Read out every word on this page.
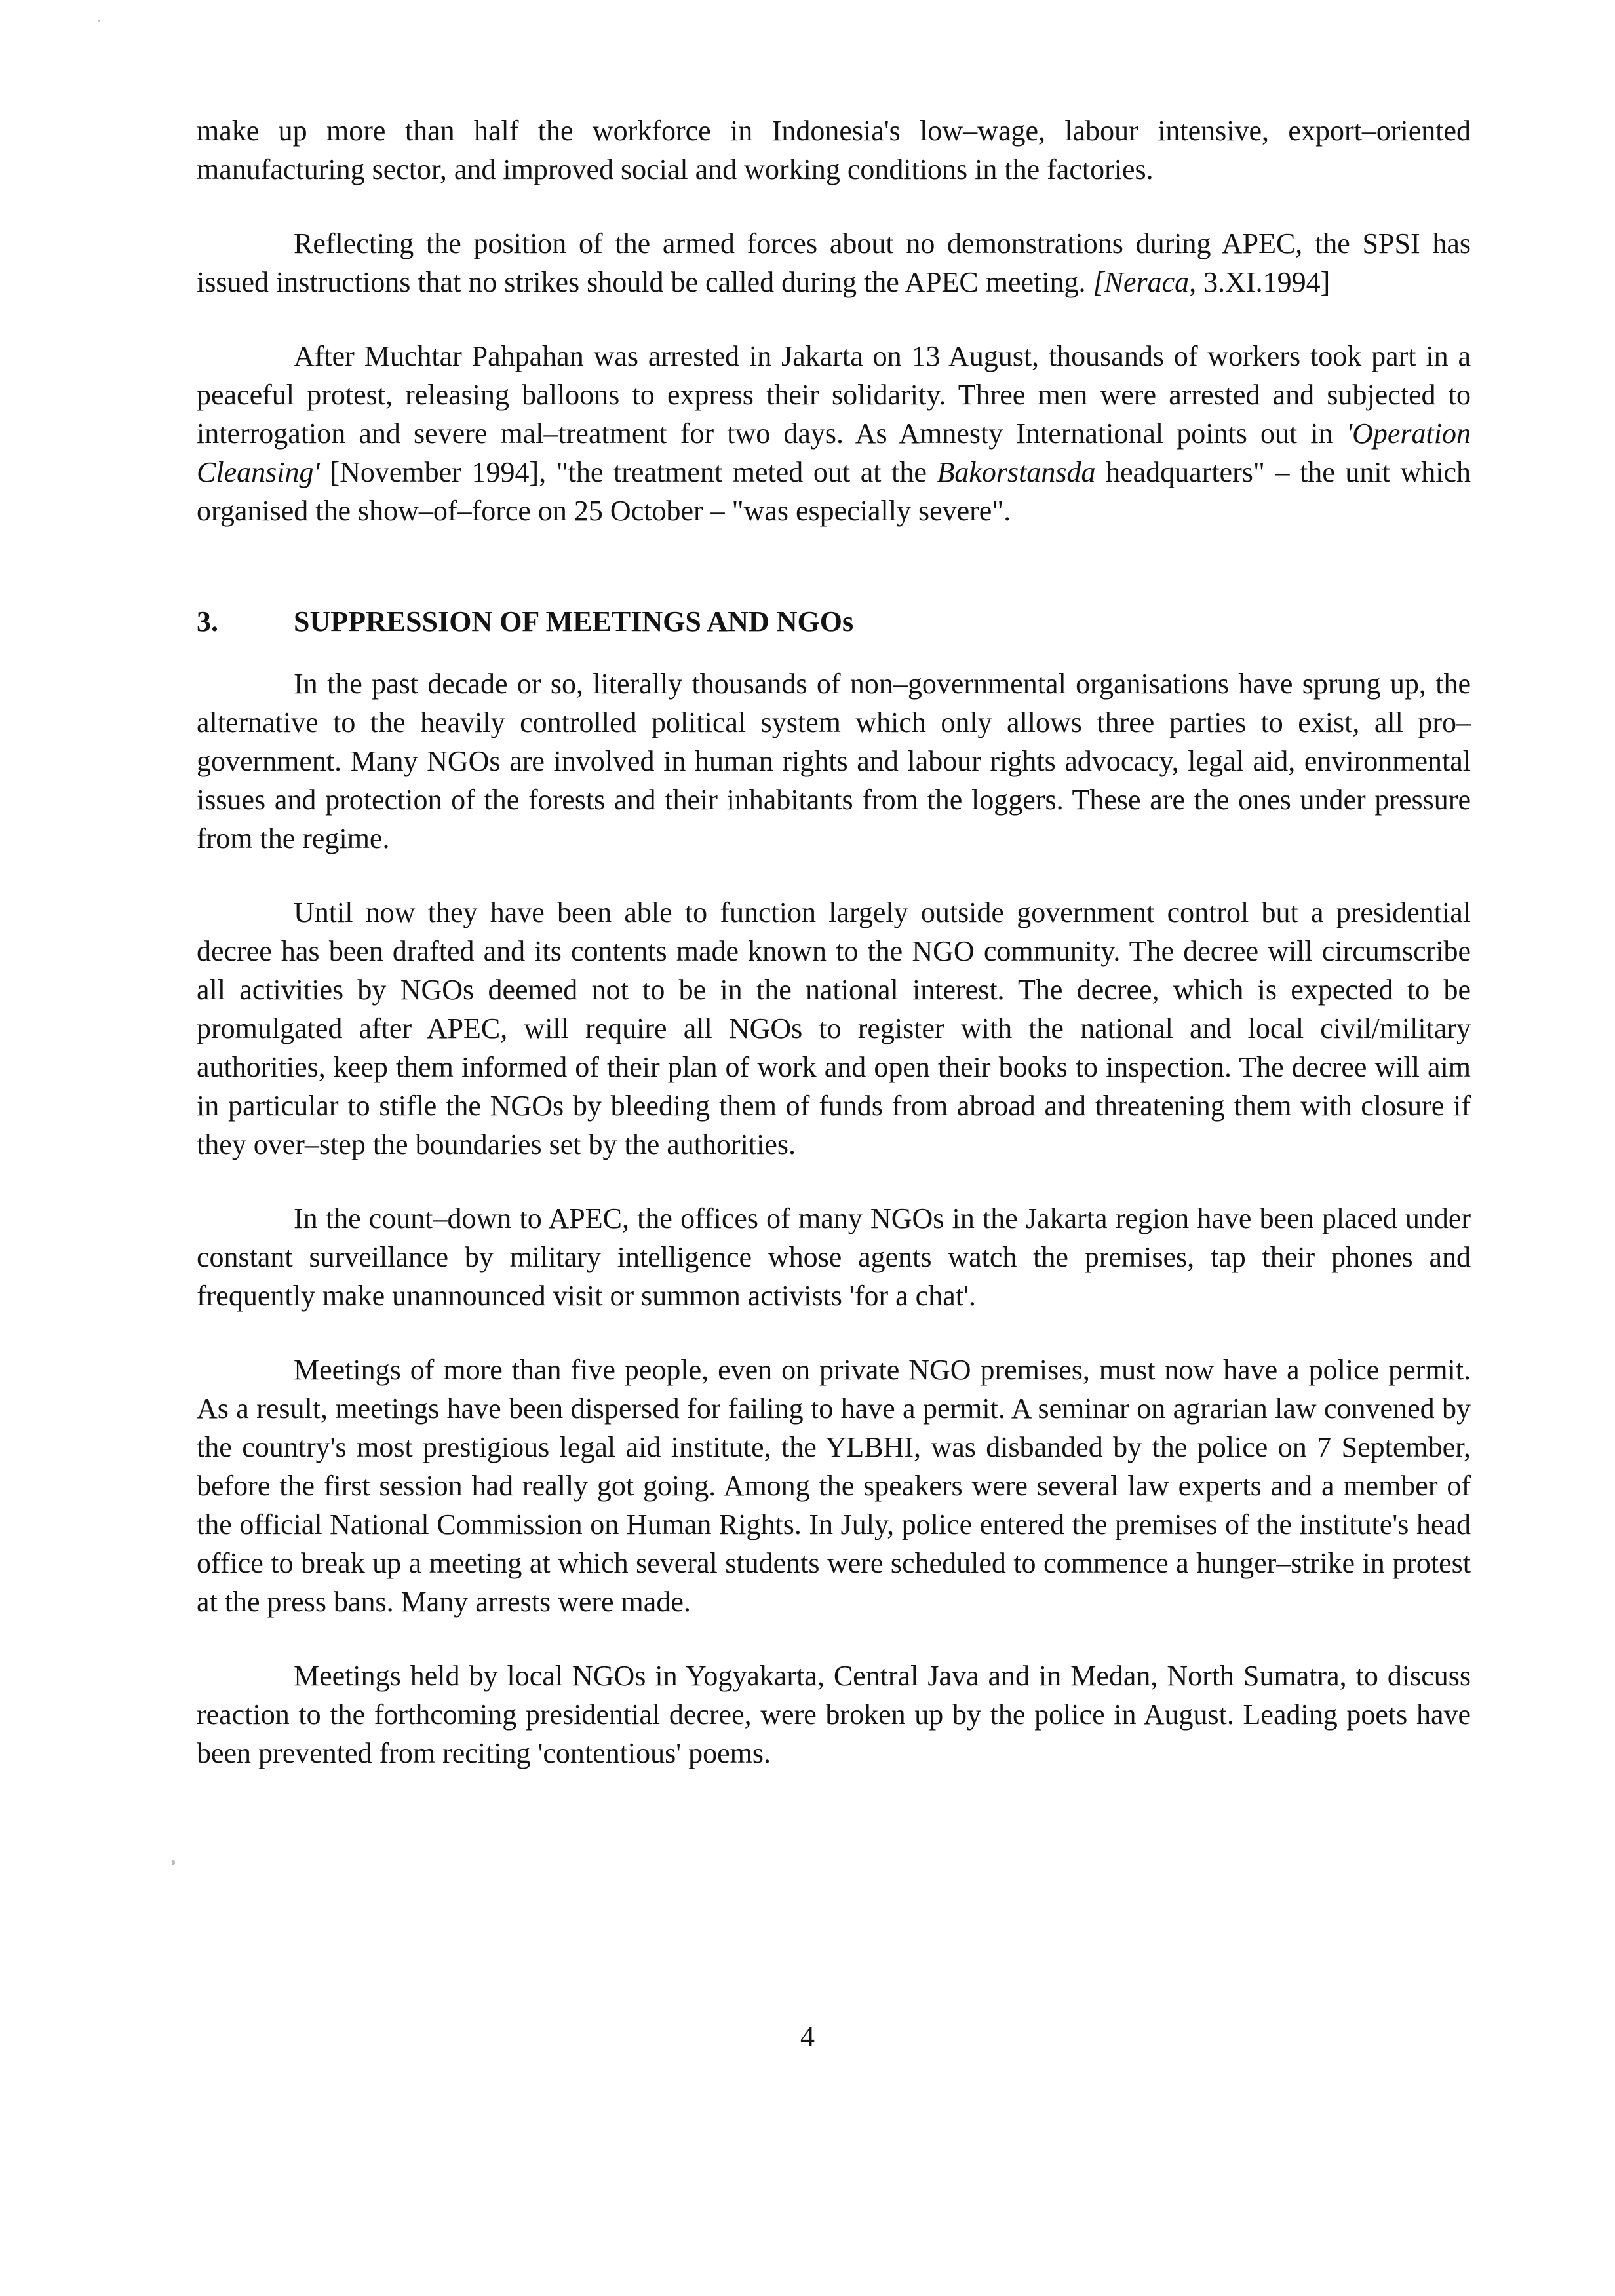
make up more than half the workforce in Indonesia's low–wage, labour intensive, export–oriented manufacturing sector, and improved social and working conditions in the factories.

Reflecting the position of the armed forces about no demonstrations during APEC, the SPSI has issued instructions that no strikes should be called during the APEC meeting. [Neraca, 3.XI.1994]

After Muchtar Pahpahan was arrested in Jakarta on 13 August, thousands of workers took part in a peaceful protest, releasing balloons to express their solidarity. Three men were arrested and subjected to interrogation and severe mal–treatment for two days. As Amnesty International points out in 'Operation Cleansing' [November 1994], "the treatment meted out at the Bakorstansda headquarters" – the unit which organised the show–of–force on 25 October – "was especially severe".

3.	SUPPRESSION OF MEETINGS AND NGOs

In the past decade or so, literally thousands of non–governmental organisations have sprung up, the alternative to the heavily controlled political system which only allows three parties to exist, all pro–government. Many NGOs are involved in human rights and labour rights advocacy, legal aid, environmental issues and protection of the forests and their inhabitants from the loggers. These are the ones under pressure from the regime.

Until now they have been able to function largely outside government control but a presidential decree has been drafted and its contents made known to the NGO community. The decree will circumscribe all activities by NGOs deemed not to be in the national interest. The decree, which is expected to be promulgated after APEC, will require all NGOs to register with the national and local civil/military authorities, keep them informed of their plan of work and open their books to inspection. The decree will aim in particular to stifle the NGOs by bleeding them of funds from abroad and threatening them with closure if they over–step the boundaries set by the authorities.

In the count–down to APEC, the offices of many NGOs in the Jakarta region have been placed under constant surveillance by military intelligence whose agents watch the premises, tap their phones and frequently make unannounced visit or summon activists 'for a chat'.

Meetings of more than five people, even on private NGO premises, must now have a police permit. As a result, meetings have been dispersed for failing to have a permit. A seminar on agrarian law convened by the country's most prestigious legal aid institute, the YLBHI, was disbanded by the police on 7 September, before the first session had really got going. Among the speakers were several law experts and a member of the official National Commission on Human Rights. In July, police entered the premises of the institute's head office to break up a meeting at which several students were scheduled to commence a hunger–strike in protest at the press bans. Many arrests were made.

Meetings held by local NGOs in Yogyakarta, Central Java and in Medan, North Sumatra, to discuss reaction to the forthcoming presidential decree, were broken up by the police in August. Leading poets have been prevented from reciting 'contentious' poems.

4
